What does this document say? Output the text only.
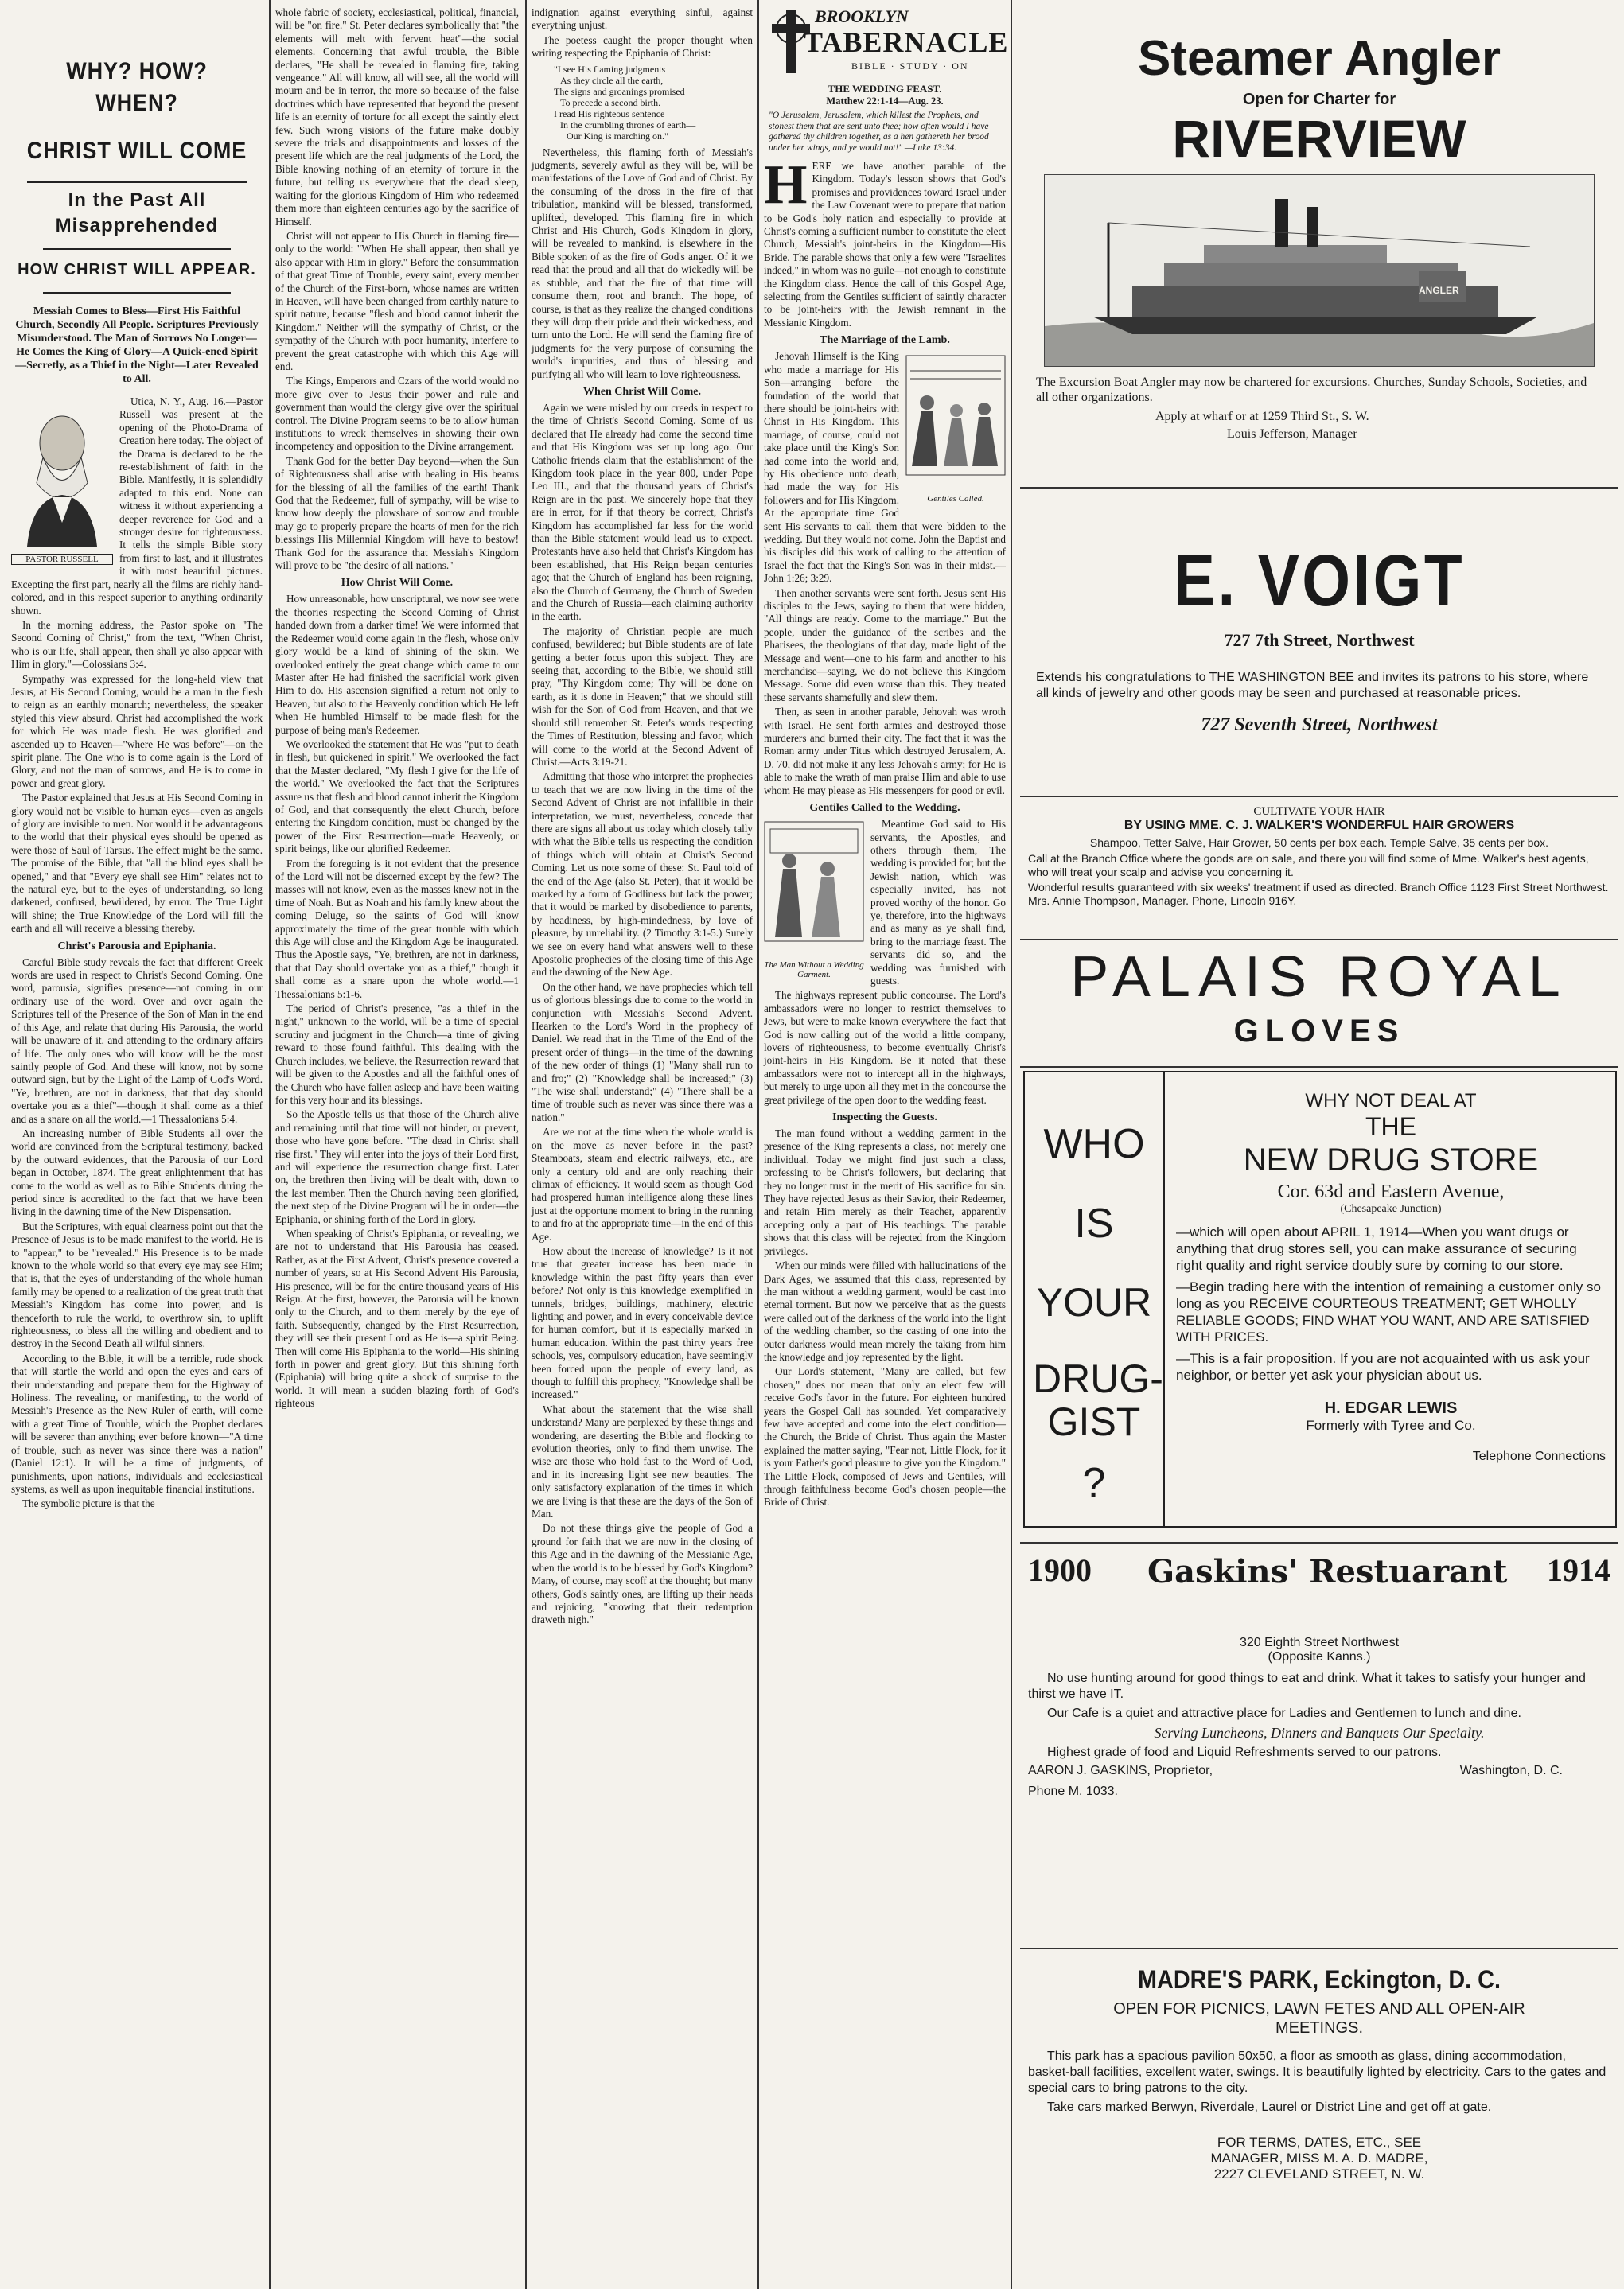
WHY? HOW? WHEN?
CHRIST WILL COME
In the Past All Misapprehended
HOW CHRIST WILL APPEAR.

Messiah Comes to Bless—First His Faithful Church, Secondly All People. Scriptures Previously Misunderstood. The Man of Sorrows No Longer—He Comes the King of Glory—A Quick-ened Spirit—Secretly, as a Thief in the Night—Later Revealed to All.

PASTOR RUSSELL

Utica, N. Y., Aug. 16.—Pastor Russell was present at the opening of the Photo-Drama of Creation here today. The object of the Drama is declared to be the re-establishment of faith in the Bible. Manifestly, it is splendidly adapted to this end. None can witness it without experiencing a deeper reverence for God and a stronger desire for righteousness. It tells the simple Bible story from first to last, and it illustrates it with most beautiful pictures. Excepting the first part, nearly all the films are richly hand-colored, and in this respect superior to anything ordinarily shown.

In the morning address, the Pastor spoke on "The Second Coming of Christ," from the text, "When Christ, who is our life, shall appear, then shall ye also appear with Him in glory."—Colossians 3:4.

Sympathy was expressed for the long-held view that Jesus, at His Second Coming, would be a man in the flesh to reign as an earthly monarch; nevertheless, the speaker styled this view absurd. Christ had accomplished the work for which He was made flesh. He was glorified and ascended up to Heaven—"where He was before"—on the spirit plane. The One who is to come again is the Lord of Glory, and not the man of sorrows, and He is to come in power and great glory.

The Pastor explained that Jesus at His Second Coming in glory would not be visible to human eyes—even as angels of glory are invisible to men. Nor would it be advantageous to the world that their physical eyes should be opened as were those of Saul of Tarsus. The effect might be the same. The promise of the Bible, that "all the blind eyes shall be opened," and that "Every eye shall see Him" relates not to the natural eye, but to the eyes of understanding, so long darkened, confused, bewildered, by error. The True Light will shine; the True Knowledge of the Lord will fill the earth and all will receive a blessing thereby.

Christ's Parousia and Epiphania.

Careful Bible study reveals the fact that different Greek words are used in respect to Christ's Second Coming. One word, parousia, signifies presence—not coming in our ordinary use of the word. Over and over again the Scriptures tell of the Presence of the Son of Man in the end of this Age, and relate that during His Parousia, the world will be unaware of it, and attending to the ordinary affairs of life. The only ones who will know will be the most saintly people of God. And these will know, not by some outward sign, but by the Light of the Lamp of God's Word. "Ye, brethren, are not in darkness, that that day should overtake you as a thief"—though it shall come as a thief and as a snare on all the world.—1 Thessalonians 5:4.

An increasing number of Bible Students all over the world are convinced from the Scriptural testimony, backed by the outward evidences, that the Parousia of our Lord began in October, 1874. The great enlightenment that has come to the world as well as to Bible Students during the period since is accredited to the fact that we have been living in the dawning time of the New Dispensation.

But the Scriptures, with equal clearness point out that the Presence of Jesus is to be made manifest to the world. He is to "appear," to be "revealed." His Presence is to be made known to the whole world so that every eye may see Him; that is, that the eyes of understanding of the whole human family may be opened to a realization of the great truth that Messiah's Kingdom has come into power, and is thenceforth to rule the world, to overthrow sin, to uplift righteousness, to bless all the willing and obedient and to destroy in the Second Death all wilful sinners.

According to the Bible, it will be a terrible, rude shock that will startle the world and open the eyes and ears of their understanding and prepare them for the Highway of Holiness. The revealing, or manifesting, to the world of Messiah's Presence as the New Ruler of earth, will come with a great Time of Trouble, which the Prophet declares will be severer than anything ever before known—"A time of trouble, such as never was since there was a nation" (Daniel 12:1). It will be a time of judgments, of punishments, upon nations, individuals and ecclesiastical systems, as well as upon inequitable financial institutions.

The symbolic picture is that the

whole fabric of society, ecclesiastical, political, financial, will be "on fire." St. Peter declares symbolically that "the elements will melt with fervent heat"—the social elements. Concerning that awful trouble, the Bible declares, "He shall be revealed in flaming fire, taking vengeance." All will know, all will see, all the world will mourn and be in terror, the more so because of the false doctrines which have represented that beyond the present life is an eternity of torture for all except the saintly elect few. Such wrong visions of the future make doubly severe the trials and disappointments and losses of the present life which are the real judgments of the Lord, the Bible knowing nothing of an eternity of torture in the future, but telling us everywhere that the dead sleep, waiting for the glorious Kingdom of Him who redeemed them more than eighteen centuries ago by the sacrifice of Himself.

Christ will not appear to His Church in flaming fire—only to the world: "When He shall appear, then shall ye also appear with Him in glory." Before the consummation of that great Time of Trouble, every saint, every member of the Church of the First-born, whose names are written in Heaven, will have been changed from earthly nature to spirit nature, because "flesh and blood cannot inherit the Kingdom." Neither will the sympathy of Christ, or the sympathy of the Church with poor humanity, interfere to prevent the great catastrophe with which this Age will end.

The Kings, Emperors and Czars of the world would no more give over to Jesus their power and rule and government than would the clergy give over the spiritual control. The Divine Program seems to be to allow human institutions to wreck themselves in showing their own incompetency and opposition to the Divine arrangement.

Thank God for the better Day beyond—when the Sun of Righteousness shall arise with healing in His beams for the blessing of all the families of the earth! Thank God that the Redeemer, full of sympathy, will be wise to know how deeply the plowshare of sorrow and trouble may go to properly prepare the hearts of men for the rich blessings His Millennial Kingdom will have to bestow! Thank God for the assurance that Messiah's Kingdom will prove to be "the desire of all nations."

How Christ Will Come.

How unreasonable, how unscriptural, we now see were the theories respecting the Second Coming of Christ handed down from a darker time! We were informed that the Redeemer would come again in the flesh, whose only glory would be a kind of shining of the skin. We overlooked entirely the great change which came to our Master after He had finished the sacrificial work given Him to do. His ascension signified a return not only to Heaven, but also to the Heavenly condition which He left when He humbled Himself to be made flesh for the purpose of being man's Redeemer.

We overlooked the statement that He was "put to death in flesh, but quickened in spirit." We overlooked the fact that the Master declared, "My flesh I give for the life of the world." We overlooked the fact that the Scriptures assure us that flesh and blood cannot inherit the Kingdom of God, and that consequently the elect Church, before entering the Kingdom condition, must be changed by the power of the First Resurrection—made Heavenly, or spirit beings, like our glorified Redeemer.

From the foregoing is it not evident that the presence of the Lord will not be discerned except by the few? The masses will not know, even as the masses knew not in the time of Noah. But as Noah and his family knew about the coming Deluge, so the saints of God will know approximately the time of the great trouble with which this Age will close and the Kingdom Age be inaugurated. Thus the Apostle says, "Ye, brethren, are not in darkness, that that Day should overtake you as a thief," though it shall come as a snare upon the whole world.—1 Thessalonians 5:1-6.

The period of Christ's presence, "as a thief in the night," unknown to the world, will be a time of special scrutiny and judgment in the Church—a time of giving reward to those found faithful. This dealing with the Church includes, we believe, the Resurrection reward that will be given to the Apostles and all the faithful ones of the Church who have fallen asleep and have been waiting for this very hour and its blessings.

So the Apostle tells us that those of the Church alive and remaining until that time will not hinder, or prevent, those who have gone before. "The dead in Christ shall rise first." They will enter into the joys of their Lord first, and will experience the resurrection change first. Later on, the brethren then living will be dealt with, down to the last member. Then the Church having been glorified, the next step of the Divine Program will be in order—the Epiphania, or shining forth of the Lord in glory.

When speaking of Christ's Epiphania, or revealing, we are not to understand that His Parousia has ceased. Rather, as at the First Advent, Christ's presence covered a number of years, so at His Second Advent His Parousia, His presence, will be for the entire thousand years of His Reign. At the first, however, the Parousia will be known only to the Church, and to them merely by the eye of faith. Subsequently, changed by the First Resurrection, they will see their present Lord as He is—a spirit Being. Then will come His Epiphania to the world—His shining forth in power and great glory. But this shining forth (Epiphania) will bring quite a shock of surprise to the world. It will mean a sudden blazing forth of God's righteous

indignation against everything sinful, against everything unjust.

The poetess caught the proper thought when writing respecting the Epiphania of Christ:

"I see His flaming judgments
As they circle all the earth,
The signs and groanings promised
To precede a second birth.
I read His righteous sentence
In the crumbling thrones of earth—
Our King is marching on."

Nevertheless, this flaming forth of Messiah's judgments, severely awful as they will be, will be manifestations of the Love of God and of Christ. By the consuming of the dross in the fire of that tribulation, mankind will be blessed, transformed, uplifted, developed. This flaming fire in which Christ and His Church, God's Kingdom in glory, will be revealed to mankind, is elsewhere in the Bible spoken of as the fire of God's anger. Of it we read that the proud and all that do wickedly will be as stubble, and that the fire of that time will consume them, root and branch. The hope, of course, is that as they realize the changed conditions they will drop their pride and their wickedness, and turn unto the Lord. He will send the flaming fire of judgments for the very purpose of consuming the world's impurities, and thus of blessing and purifying all who will learn to love righteousness.

When Christ Will Come.

Again we were misled by our creeds in respect to the time of Christ's Second Coming. Some of us declared that He already had come the second time and that His Kingdom was set up long ago. Our Catholic friends claim that the establishment of the Kingdom took place in the year 800, under Pope Leo III., and that the thousand years of Christ's Reign are in the past. We sincerely hope that they are in error, for if that theory be correct, Christ's Kingdom has accomplished far less for the world than the Bible statement would lead us to expect. Protestants have also held that Christ's Kingdom has been established, that His Reign began centuries ago; that the Church of England has been reigning, also the Church of Germany, the Church of Sweden and the Church of Russia—each claiming authority in the earth.

The majority of Christian people are much confused, bewildered; but Bible students are of late getting a better focus upon this subject. They are seeing that, according to the Bible, we should still pray, "Thy Kingdom come; Thy will be done on earth, as it is done in Heaven;" that we should still wish for the Son of God from Heaven, and that we should still remember St. Peter's words respecting the Times of Restitution, blessing and favor, which will come to the world at the Second Advent of Christ.—Acts 3:19-21.

Admitting that those who interpret the prophecies to teach that we are now living in the time of the Second Advent of Christ are not infallible in their interpretation, we must, nevertheless, concede that there are signs all about us today which closely tally with what the Bible tells us respecting the condition of things which will obtain at Christ's Second Coming. Let us note some of these: St. Paul told of the end of the Age (also St. Peter), that it would be marked by a form of Godliness but lack the power; that it would be marked by disobedience to parents, by headiness, by high-mindedness, by love of pleasure, by unreliability. (2 Timothy 3:1-5.) Surely we see on every hand what answers well to these Apostolic prophecies of the closing time of this Age and the dawning of the New Age.

On the other hand, we have prophecies which tell us of glorious blessings due to come to the world in conjunction with Messiah's Second Advent. Hearken to the Lord's Word in the prophecy of Daniel. We read that in the Time of the End of the present order of things—in the time of the dawning of the new order of things (1) "Many shall run to and fro;" (2) "Knowledge shall be increased;" (3) "The wise shall understand;" (4) "There shall be a time of trouble such as never was since there was a nation."

Are we not at the time when the whole world is on the move as never before in the past? Steamboats, steam and electric railways, etc., are only a century old and are only reaching their climax of efficiency. It would seem as though God had prospered human intelligence along these lines just at the opportune moment to bring in the running to and fro at the appropriate time—in the end of this Age.

How about the increase of knowledge? Is it not true that greater increase has been made in knowledge within the past fifty years than ever before? Not only is this knowledge exemplified in tunnels, bridges, buildings, machinery, electric lighting and power, and in every conceivable device for human comfort, but it is especially marked in human education. Within the past thirty years free schools, yes, compulsory education, have seemingly been forced upon the people of every land, as though to fulfill this prophecy, "Knowledge shall be increased."

What about the statement that the wise shall understand? Many are perplexed by these things and wondering, are deserting the Bible and flocking to evolution theories, only to find them unwise. The wise are those who hold fast to the Word of God, and in its increasing light see new beauties. The only satisfactory explanation of the times in which we are living is that these are the days of the Son of Man.

Do not these things give the people of God a ground for faith that we are now in the closing of this Age and in the dawning of the Messianic Age, when the world is to be blessed by God's Kingdom? Many, of course, may scoff at the thought; but many others, God's saintly ones, are lifting up their heads and rejoicing, "knowing that their redemption draweth nigh."

BROOKLYN
TABERNACLE
BIBLE · STUDY · ON
THE WEDDING FEAST.
Matthew 22:1-14—Aug. 23.

"O Jerusalem, Jerusalem, which killest the Prophets, and stonest them that are sent unto thee; how often would I have gathered thy children together, as a hen gathereth her brood under her wings, and ye would not!" —Luke 13:34.

H ERE we have another parable of the Kingdom. Today's lesson shows that God's promises and providences toward Israel under the Law Covenant were to prepare that nation to be God's holy nation and especially to provide at Christ's coming a sufficient number to constitute the elect Church, Messiah's joint-heirs in the Kingdom—His Bride. The parable shows that only a few were "Israelites indeed," in whom was no guile—not enough to constitute the Kingdom class. Hence the call of this Gospel Age, selecting from the Gentiles sufficient of saintly character to be joint-heirs with the Jewish remnant in the Messianic Kingdom.

The Marriage of the Lamb.
Gentiles Called.

Jehovah Himself is the King who made a marriage for His Son—arranging before the foundation of the world that there should be joint-heirs with Christ in His Kingdom. This marriage, of course, could not take place until the King's Son had come into the world and, by His obedience unto death, had made the way for His followers and for His Kingdom. At the appropriate time God sent His servants to call them that were bidden to the wedding. But they would not come. John the Baptist and his disciples did this work of calling to the attention of Israel the fact that the King's Son was in their midst.—John 1:26; 3:29.

Then another servants were sent forth. Jesus sent His disciples to the Jews, saying to them that were bidden, "All things are ready. Come to the marriage." But the people, under the guidance of the scribes and the Pharisees, the theologians of that day, made light of the Message and went—one to his farm and another to his merchandise—saying, We do not believe this Kingdom Message. Some did even worse than this. They treated these servants shamefully and slew them.

Then, as seen in another parable, Jehovah was wroth with Israel. He sent forth armies and destroyed those murderers and burned their city. The fact that it was the Roman army under Titus which destroyed Jerusalem, A. D. 70, did not make it any less Jehovah's army; for He is able to make the wrath of man praise Him and able to use whom He may please as His messengers for good or evil.

Gentiles Called to the Wedding.
The Man Without a Wedding Garment.

Meantime God said to His servants, the Apostles, and others through them, The wedding is provided for; but the Jewish nation, which was especially invited, has not proved worthy of the honor. Go ye, therefore, into the highways and as many as ye shall find, bring to the marriage feast. The servants did so, and the wedding was furnished with guests.

The highways represent public concourse. The Lord's ambassadors were no longer to restrict themselves to Jews, but were to make known everywhere the fact that God is now calling out of the world a little company, lovers of righteousness, to become eventually Christ's joint-heirs in His Kingdom. Be it noted that these ambassadors were not to intercept all in the highways, but merely to urge upon all they met in the concourse the great privilege of the open door to the wedding feast.

Inspecting the Guests.

The man found without a wedding garment in the presence of the King represents a class, not merely one individual. Today we might find just such a class, professing to be Christ's followers, but declaring that they no longer trust in the merit of His sacrifice for sin. They have rejected Jesus as their Savior, their Redeemer, and retain Him merely as their Teacher, apparently accepting only a part of His teachings. The parable shows that this class will be rejected from the Kingdom privileges.

When our minds were filled with hallucinations of the Dark Ages, we assumed that this class, represented by the man without a wedding garment, would be cast into eternal torment. But now we perceive that as the guests were called out of the darkness of the world into the light of the wedding chamber, so the casting of one into the outer darkness would mean merely the taking from him the knowledge and joy represented by the light.

Our Lord's statement, "Many are called, but few chosen," does not mean that only an elect few will receive God's favor in the future. For eighteen hundred years the Gospel Call has sounded. Yet comparatively few have accepted and come into the elect condition—the Church, the Bride of Christ. Thus again the Master explained the matter saying, "Fear not, Little Flock, for it is your Father's good pleasure to give you the Kingdom." The Little Flock, composed of Jews and Gentiles, will through faithfulness become God's chosen people—the Bride of Christ.

Steamer Angler
Open for Charter for
RIVERVIEW
ANGLER

The Excursion Boat Angler may now be chartered for excursions. Churches, Sunday Schools, Societies, and all other organizations.

Apply at wharf or at 1259 Third St., S. W.

Louis Jefferson, Manager

E. VOIGT
727 7th Street, Northwest

Extends his congratulations to THE WASHINGTON BEE and invites its patrons to his store, where all kinds of jewelry and other goods may be seen and purchased at reasonable prices.

727 Seventh Street, Northwest
CULTIVATE YOUR HAIR
BY USING MME. C. J. WALKER'S WONDERFUL HAIR GROWERS

Shampoo, Tetter Salve, Hair Grower, 50 cents per box each. Temple Salve, 35 cents per box.

Call at the Branch Office where the goods are on sale, and there you will find some of Mme. Walker's best agents, who will treat your scalp and advise you concerning it.

Wonderful results guaranteed with six weeks' treatment if used as directed. Branch Office 1123 First Street Northwest. Mrs. Annie Thompson, Manager. Phone, Lincoln 916Y.

PALAIS ROYAL
GLOVES
WHO
IS
YOUR
DRUG-GIST
?
WHY NOT DEAL AT
THE
NEW DRUG STORE
Cor. 63d and Eastern Avenue,
(Chesapeake Junction)

—which will open about APRIL 1, 1914—When you want drugs or anything that drug stores sell, you can make assurance of securing right quality and right service doubly sure by coming to our store.

—Begin trading here with the intention of remaining a customer only so long as you RECEIVE COURTEOUS TREATMENT; GET WHOLLY RELIABLE GOODS; FIND WHAT YOU WANT, AND ARE SATISFIED WITH PRICES.

—This is a fair proposition. If you are not acquainted with us ask your neighbor, or better yet ask your physician about us.

H. EDGAR LEWIS
Formerly with Tyree and Co.
Telephone Connections
1900 Gaskins' Restuarant 1914
320 Eighth Street Northwest
(Opposite Kanns.)

No use hunting around for good things to eat and drink. What it takes to satisfy your hunger and thirst we have IT.

Our Cafe is a quiet and attractive place for Ladies and Gentlemen to lunch and dine.

Serving Luncheons, Dinners and Banquets Our Specialty.

Highest grade of food and Liquid Refreshments served to our patrons.

AARON J. GASKINS, Proprietor,	Washington, D. C.
Phone M. 1033.
MADRE'S PARK, Eckington, D. C.
OPEN FOR PICNICS, LAWN FETES AND ALL OPEN-AIR MEETINGS.

This park has a spacious pavilion 50x50, a floor as smooth as glass, dining accommodation, basket-ball facilities, excellent water, swings. It is beautifully lighted by electricity. Cars to the gates and special cars to bring patrons to the city.

Take cars marked Berwyn, Riverdale, Laurel or District Line and get off at gate.

FOR TERMS, DATES, ETC., SEE
MANAGER, MISS M. A. D. MADRE,
2227 CLEVELAND STREET, N. W.
